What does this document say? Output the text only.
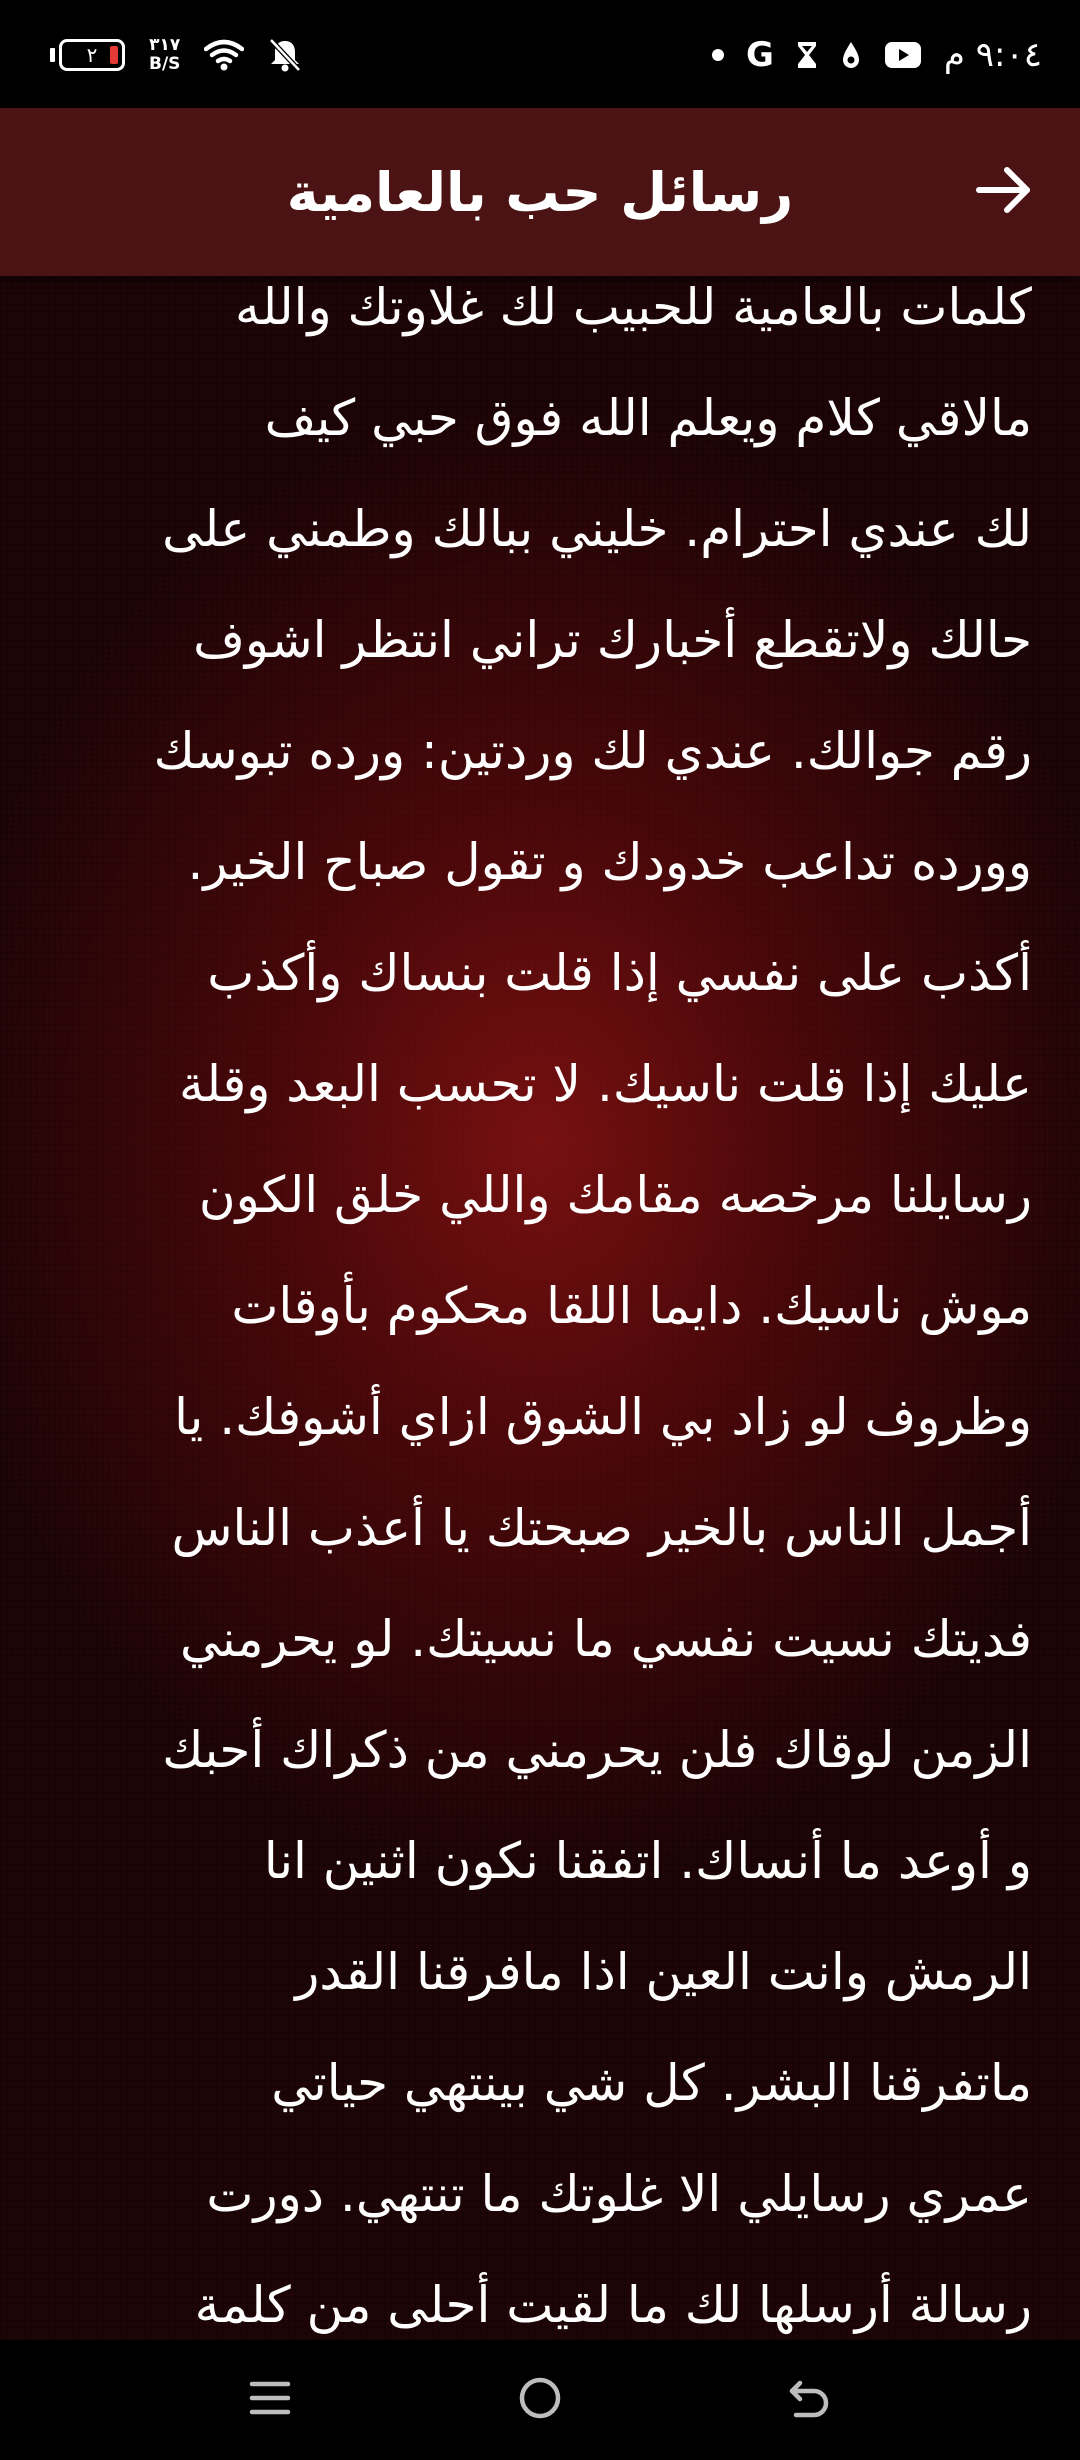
٢	٣١٧
B/S	G	٩:٠٤ م
رسائل حب بالعامية
كلمات بالعامية للحبيب لك غلاوتك والله
مالاقي كلام ويعلم الله فوق حبي كيف
لك عندي احترام. خليني ببالك وطمني على
حالك ولاتقطع أخبارك تراني انتظر اشوف
رقم جوالك. عندي لك وردتين: ورده تبوسك
وورده تداعب خدودك و تقول صباح الخير.
أكذب على نفسي إذا قلت بنساك وأكذب
عليك إذا قلت ناسيك. لا تحسب البعد وقلة
رسايلنا مرخصه مقامك واللي خلق الكون
موش ناسيك. دايما اللقا محكوم بأوقات
وظروف لو زاد بي الشوق ازاي أشوفك. يا
أجمل الناس بالخير صبحتك يا أعذب الناس
فديتك نسيت نفسي ما نسيتك. لو يحرمني
الزمن لوقاك فلن يحرمني من ذكراك أحبك
و أوعد ما أنساك. اتفقنا نكون اثنين انا
الرمش وانت العين اذا مافرقنا القدر
ماتفرقنا البشر. كل شي بينتهي حياتي
عمري رسايلي الا غلوتك ما تنتهي. دورت
رسالة أرسلها لك ما لقيت أحلى من كلمة
